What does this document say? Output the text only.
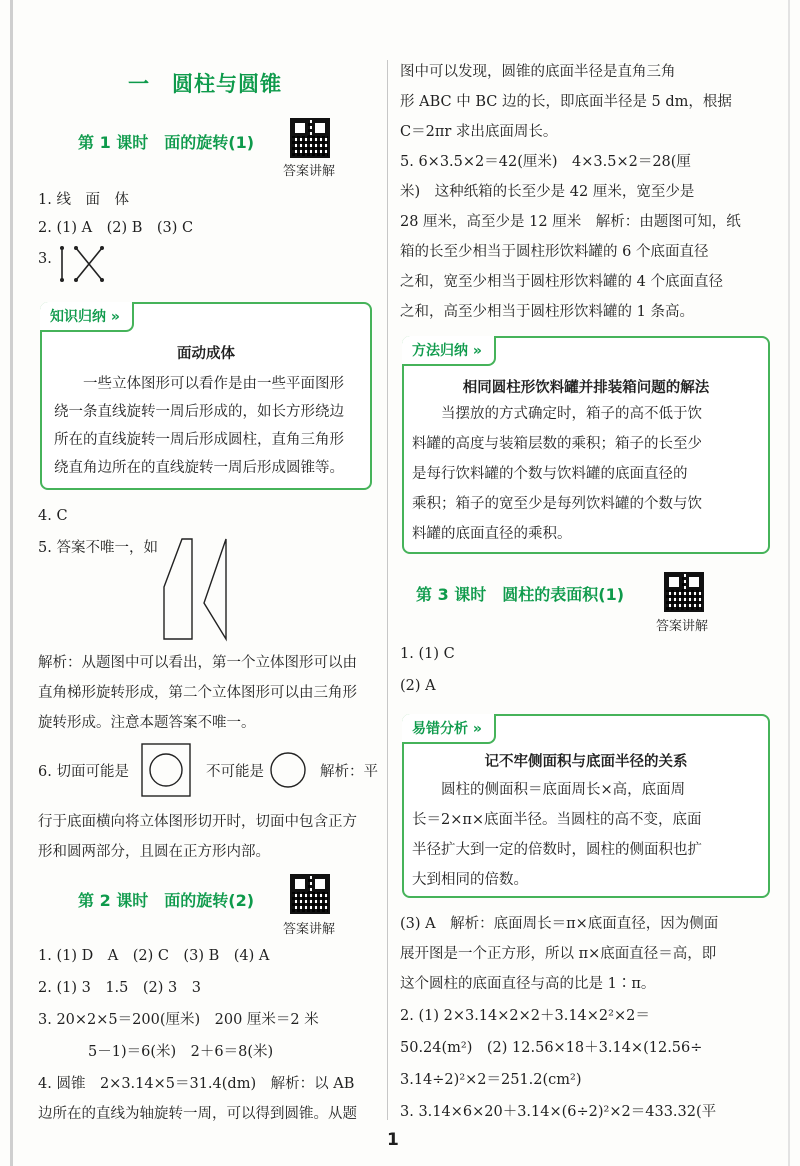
一　圆柱与圆锥
第 1 课时　面的旋转(1)
答案讲解
1. 线　面　体
2. (1) A　(2) B　(3) C
3.
知识归纳 »
面动成体
　　一些立体图形可以看作是由一些平面图形
绕一条直线旋转一周后形成的，如长方形绕边
所在的直线旋转一周后形成圆柱，直角三角形
绕直角边所在的直线旋转一周后形成圆锥等。
4. C
5. 答案不唯一，如
解析：从题图中可以看出，第一个立体图形可以由
直角梯形旋转形成，第二个立体图形可以由三角形
旋转形成。注意本题答案不唯一。
6. 切面可能是	不可能是	解析：平
行于底面横向将立体图形切开时，切面中包含正方
形和圆两部分，且圆在正方形内部。
第 2 课时　面的旋转(2)
答案讲解
1. (1) D　A　(2) C　(3) B　(4) A
2. (1) 3　1.5　(2) 3　3
3. 20×2×5＝200(厘米)　200 厘米＝2 米
5－1)＝6(米)　2＋6＝8(米)
4. 圆锥　2×3.14×5＝31.4(dm)　解析：以 AB
边所在的直线为轴旋转一周，可以得到圆锥。从题
图中可以发现，圆锥的底面半径是直角三角
形 ABC 中 BC 边的长，即底面半径是 5 dm，根据
C＝2πr 求出底面周长。
5. 6×3.5×2＝42(厘米)　4×3.5×2＝28(厘
米)　这种纸箱的长至少是 42 厘米，宽至少是
28 厘米，高至少是 12 厘米　解析：由题图可知，纸
箱的长至少相当于圆柱形饮料罐的 6 个底面直径
之和，宽至少相当于圆柱形饮料罐的 4 个底面直径
之和，高至少相当于圆柱形饮料罐的 1 条高。
方法归纳 »
相同圆柱形饮料罐并排装箱问题的解法
　　当摆放的方式确定时，箱子的高不低于饮
料罐的高度与装箱层数的乘积；箱子的长至少
是每行饮料罐的个数与饮料罐的底面直径的
乘积；箱子的宽至少是每列饮料罐的个数与饮
料罐的底面直径的乘积。
第 3 课时　圆柱的表面积(1)
答案讲解
1. (1) C
(2) A
易错分析 »
记不牢侧面积与底面半径的关系
　　圆柱的侧面积＝底面周长×高，底面周
长＝2×π×底面半径。当圆柱的高不变，底面
半径扩大到一定的倍数时，圆柱的侧面积也扩
大到相同的倍数。
(3) A　解析：底面周长＝π×底面直径，因为侧面
展开图是一个正方形，所以 π×底面直径＝高，即
这个圆柱的底面直径与高的比是 1∶π。
2. (1) 2×3.14×2×2＋3.14×2²×2＝
50.24(m²)　(2) 12.56×18＋3.14×(12.56÷
3.14÷2)²×2＝251.2(cm²)
3. 3.14×6×20＋3.14×(6÷2)²×2＝433.32(平
1
